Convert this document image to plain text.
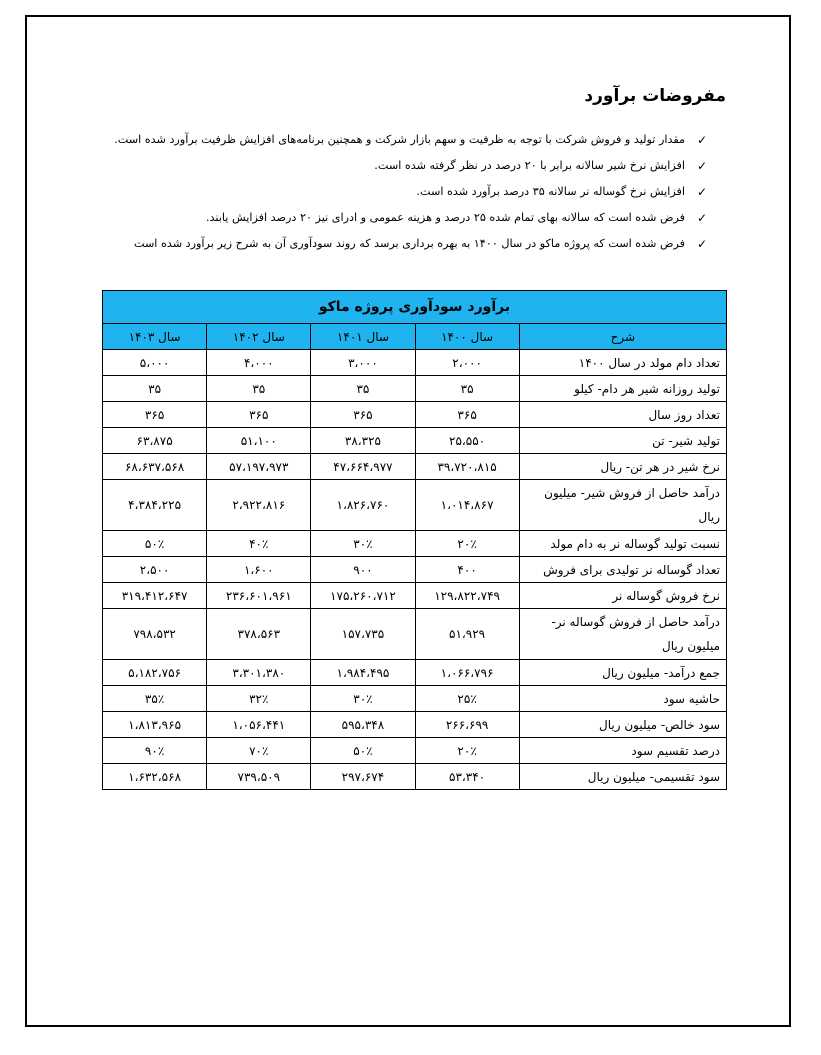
مفروضات برآورد
✓
مقدار تولید و فروش شرکت با توجه به ظرفیت و سهم بازار شرکت و همچنین برنامه‌های افزایش ظرفیت برآورد شده است.
✓
افزایش نرخ شیر سالانه برابر با ۲۰ درصد در نظر گرفته شده است.
✓
افزایش نرخ گوساله نر سالانه ۳۵ درصد برآورد شده است.
✓
فرض شده است که سالانه بهای تمام شده ۲۵ درصد و هزینه عمومی و ادرای نیز ۲۰ درصد افزایش یابند.
✓
فرض شده است که پروژه ماکو در سال ۱۴۰۰ به بهره برداری برسد که روند سودآوری آن به شرح زیر برآورد شده است
برآورد سودآوری پروژه ماکو				
شرح	سال ۱۴۰۰	سال ۱۴۰۱	سال ۱۴۰۲	سال ۱۴۰۳
تعداد دام مولد در سال ۱۴۰۰	۲،۰۰۰	۳،۰۰۰	۴،۰۰۰	۵،۰۰۰
تولید روزانه شیر هر دام- کیلو	۳۵	۳۵	۳۵	۳۵
تعداد روز سال	۳۶۵	۳۶۵	۳۶۵	۳۶۵
تولید شیر- تن	۲۵،۵۵۰	۳۸،۳۲۵	۵۱،۱۰۰	۶۳،۸۷۵
نرخ شیر در هر تن- ریال	۳۹،۷۲۰،۸۱۵	۴۷،۶۶۴،۹۷۷	۵۷،۱۹۷،۹۷۳	۶۸،۶۳۷،۵۶۸
درآمد حاصل از فروش شیر- میلیون ریال	۱،۰۱۴،۸۶۷	۱،۸۲۶،۷۶۰	۲،۹۲۲،۸۱۶	۴،۳۸۴،۲۲۵
نسبت تولید گوساله نر به دام مولد	۲۰٪	۳۰٪	۴۰٪	۵۰٪
تعداد گوساله نر تولیدی برای فروش	۴۰۰	۹۰۰	۱،۶۰۰	۲،۵۰۰
نرخ فروش گوساله نر	۱۲۹،۸۲۲،۷۴۹	۱۷۵،۲۶۰،۷۱۲	۲۳۶،۶۰۱،۹۶۱	۳۱۹،۴۱۲،۶۴۷
درآمد حاصل از فروش گوساله نر- میلیون ریال	۵۱،۹۲۹	۱۵۷،۷۳۵	۳۷۸،۵۶۳	۷۹۸،۵۳۲
جمع درآمد- میلیون ریال	۱،۰۶۶،۷۹۶	۱،۹۸۴،۴۹۵	۳،۳۰۱،۳۸۰	۵،۱۸۲،۷۵۶
حاشیه سود	۲۵٪	۳۰٪	۳۲٪	۳۵٪
سود خالص- میلیون ریال	۲۶۶،۶۹۹	۵۹۵،۳۴۸	۱،۰۵۶،۴۴۱	۱،۸۱۳،۹۶۵
درصد تقسیم سود	۲۰٪	۵۰٪	۷۰٪	۹۰٪
سود تقسیمی- میلیون ریال	۵۳،۳۴۰	۲۹۷،۶۷۴	۷۳۹،۵۰۹	۱،۶۳۲،۵۶۸
